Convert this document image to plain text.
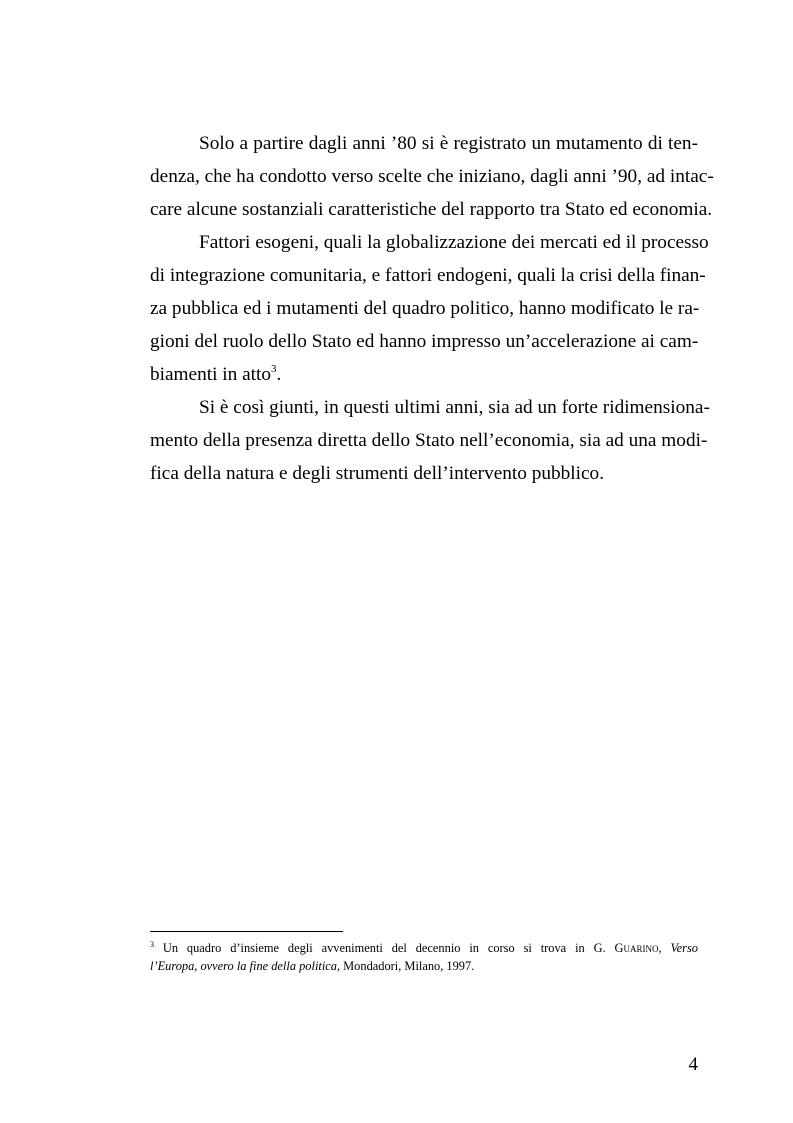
Solo a partire dagli anni ’80 si è registrato un mutamento di ten-
denza, che ha condotto verso scelte che iniziano, dagli anni ’90, ad intac-
care alcune sostanziali caratteristiche del rapporto tra Stato ed economia.
Fattori esogeni, quali la globalizzazione dei mercati ed il processo
di integrazione comunitaria, e fattori endogeni, quali la crisi della finan-
za pubblica ed i mutamenti del quadro politico, hanno modificato le ra-
gioni del ruolo dello Stato ed hanno impresso un’accelerazione ai cam-
biamenti in atto$^3$.
Si è così giunti, in questi ultimi anni, sia ad un forte ridimensiona-
mento della presenza diretta dello Stato nell’economia, sia ad una modi-
fica della natura e degli strumenti dell’intervento pubblico.
$^3$ Un quadro d’insieme degli avvenimenti del decennio in corso si trova in G. Guarino, Verso
l’Europa, ovvero la fine della politica, Mondadori, Milano, 1997.
4
